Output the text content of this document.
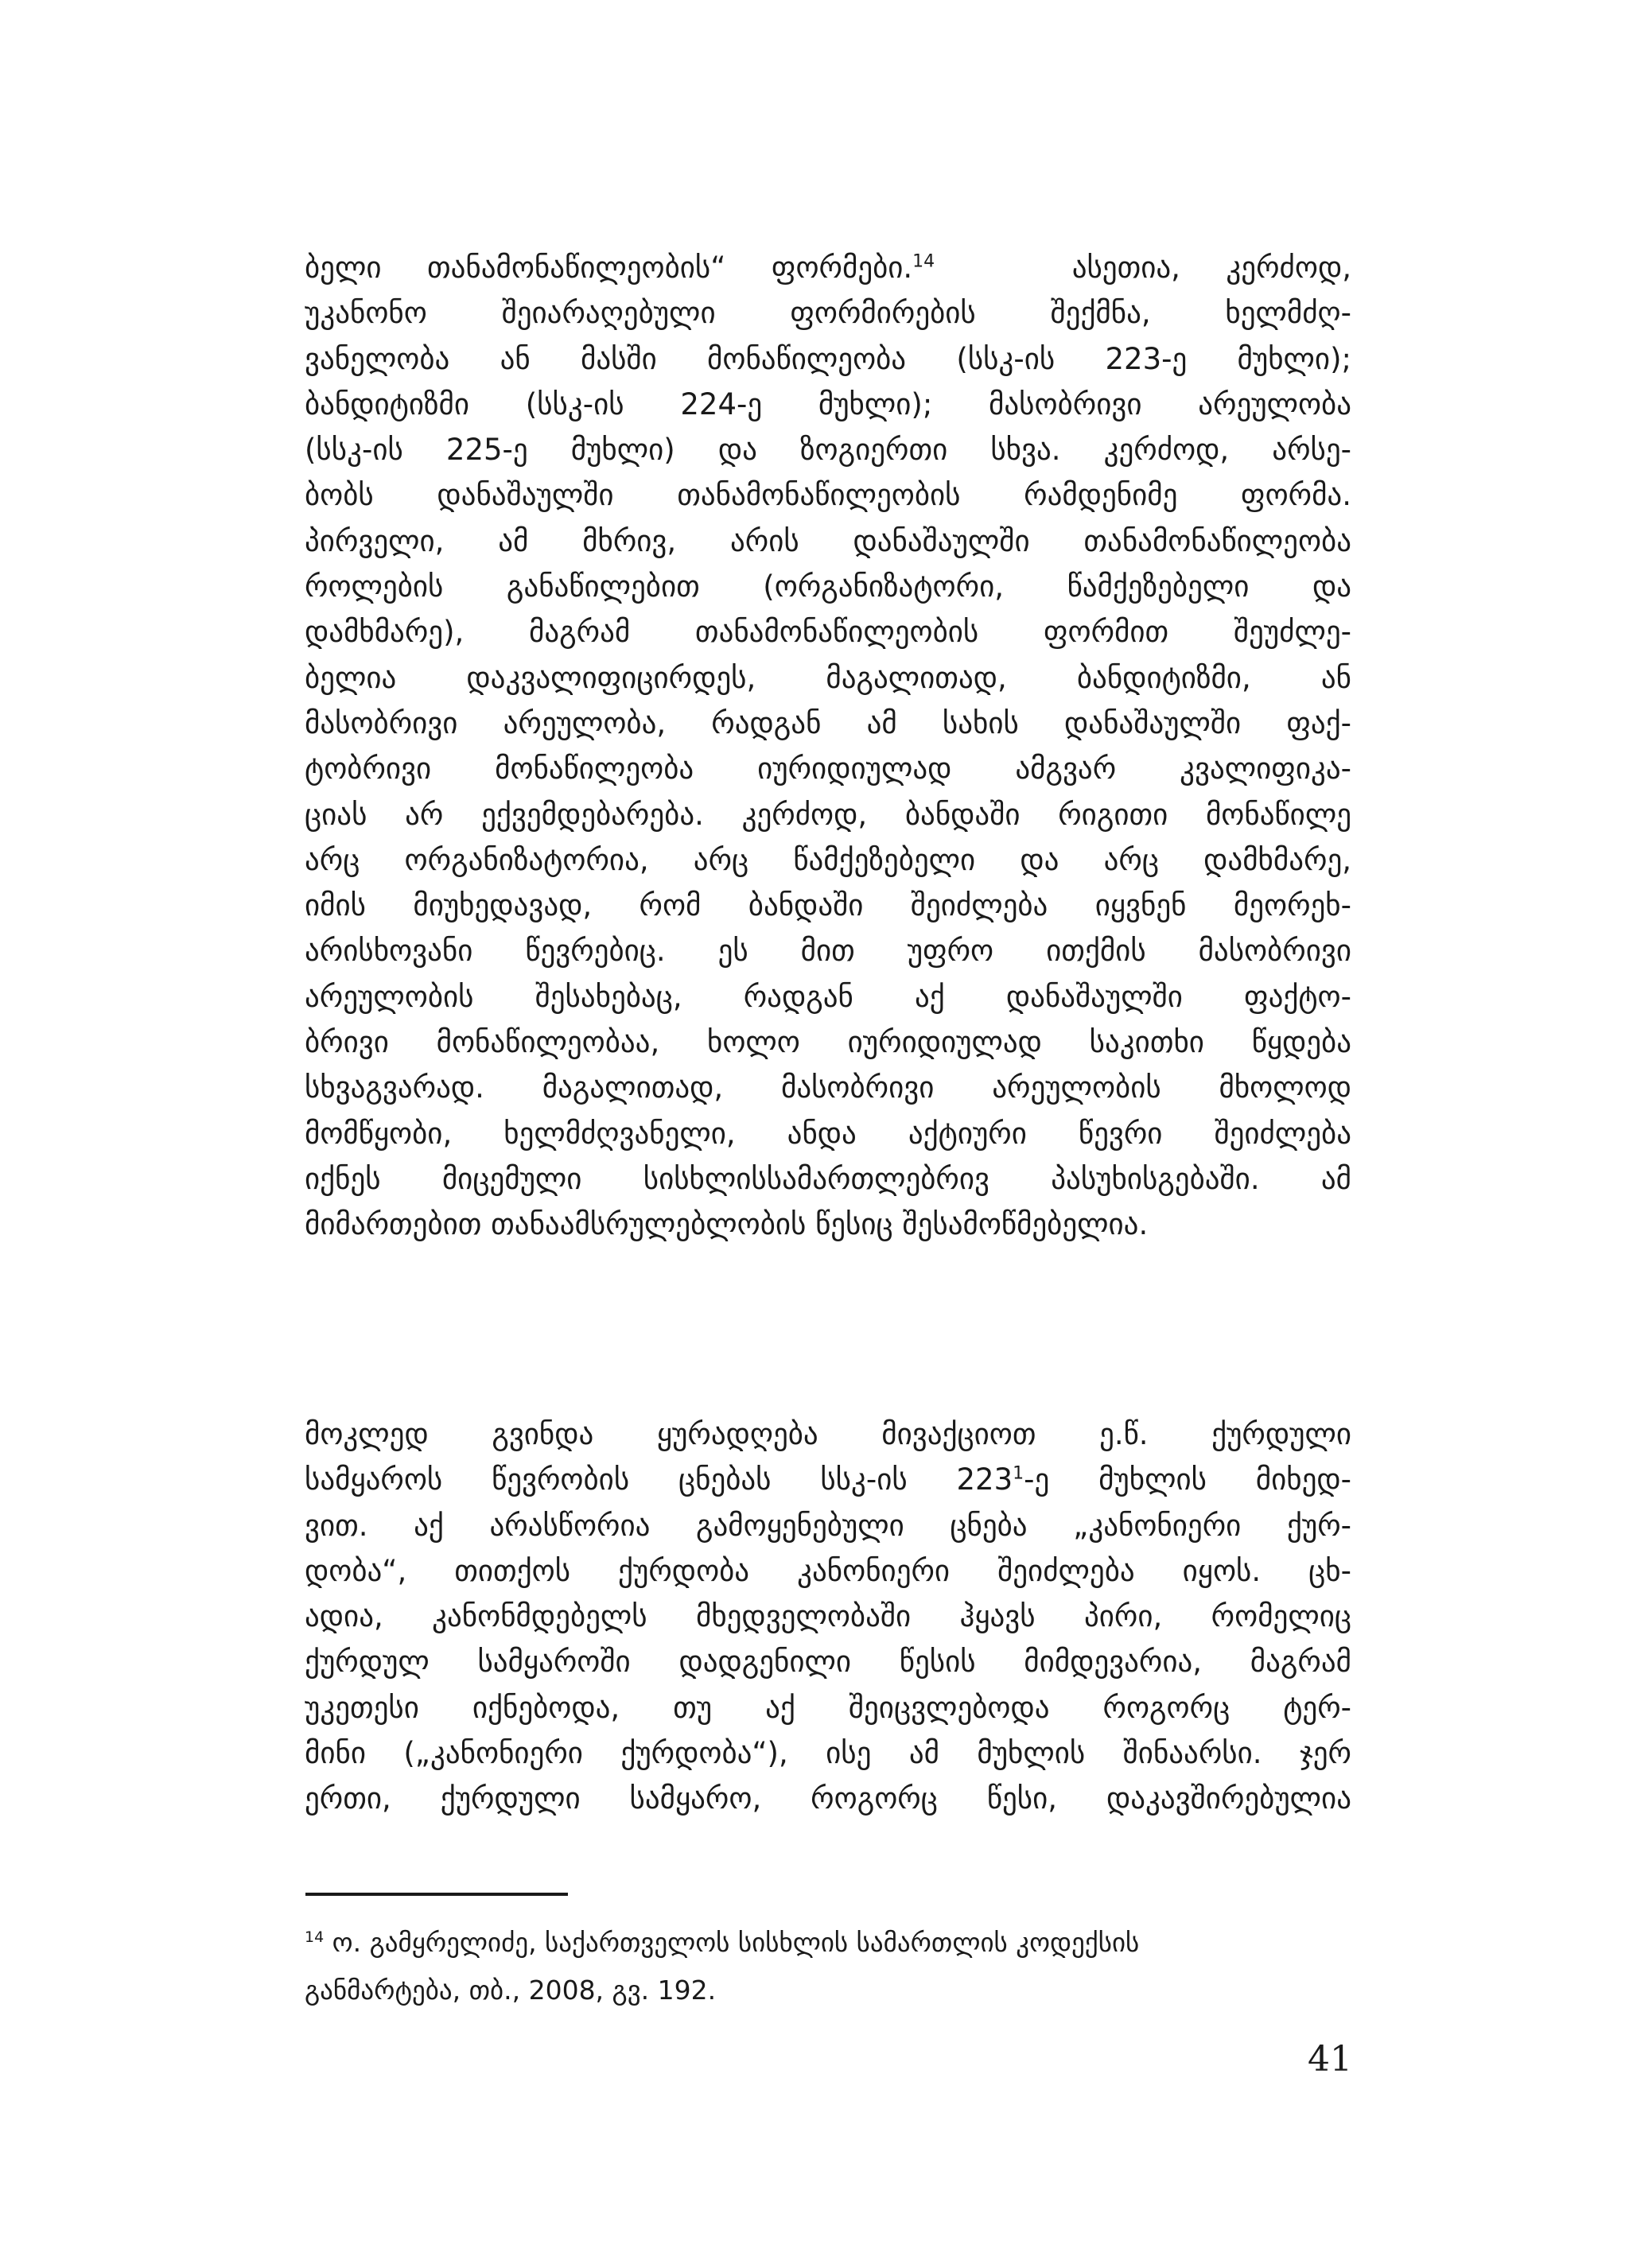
ბელი თანამონაწილეობის“ ფორმები.$^{14}$	ასეთია, კერძოდ,
უკანონო შეიარაღებული ფორმირების შექმნა, ხელმძღ-
ვანელობა ან მასში მონაწილეობა (სსკ-ის 223-ე მუხლი);
ბანდიტიზმი (სსკ-ის 224-ე მუხლი); მასობრივი არეულობა
(სსკ-ის 225-ე მუხლი) და ზოგიერთი სხვა. კერძოდ, არსე-
ბობს დანაშაულში თანამონაწილეობის რამდენიმე ფორმა.
პირველი, ამ მხრივ, არის დანაშაულში თანამონაწილეობა
როლების განაწილებით (ორგანიზატორი, წამქეზებელი და
დამხმარე), მაგრამ თანამონაწილეობის ფორმით შეუძლე-
ბელია დაკვალიფიცირდეს, მაგალითად, ბანდიტიზმი, ან
მასობრივი არეულობა, რადგან ამ სახის დანაშაულში ფაქ-
ტობრივი მონაწილეობა იურიდიულად ამგვარ კვალიფიკა-
ციას არ ექვემდებარება. კერძოდ, ბანდაში რიგითი მონაწილე
არც ორგანიზატორია, არც წამქეზებელი და არც დამხმარე,
იმის მიუხედავად, რომ ბანდაში შეიძლება იყვნენ მეორეხ-
არისხოვანი წევრებიც. ეს მით უფრო ითქმის მასობრივი
არეულობის შესახებაც, რადგან აქ დანაშაულში ფაქტო-
ბრივი მონაწილეობაა, ხოლო იურიდიულად საკითხი წყდება
სხვაგვარად. მაგალითად, მასობრივი არეულობის მხოლოდ
მომწყობი, ხელმძღვანელი, ანდა აქტიური წევრი შეიძლება
იქნეს მიცემული სისხლისსამართლებრივ პასუხისგებაში. ამ
მიმართებით თანაამსრულებლობის წესიც შესამოწმებელია.
მოკლედ გვინდა ყურადღება მივაქციოთ ე.წ. ქურდული
სამყაროს წევრობის ცნებას სსკ-ის $223^1-ე$ მუხლის მიხედ-
ვით. აქ არასწორია გამოყენებული ცნება „კანონიერი ქურ-
დობა“, თითქოს ქურდობა კანონიერი შეიძლება იყოს. ცხ-
ადია, კანონმდებელს მხედველობაში ჰყავს პირი, რომელიც
ქურდულ სამყაროში დადგენილი წესის მიმდევარია, მაგრამ
უკეთესი იქნებოდა, თუ აქ შეიცვლებოდა როგორც ტერ-
მინი („კანონიერი ქურდობა“), ისე ამ მუხლის შინაარსი. ჯერ
ერთი, ქურდული სამყარო, როგორც წესი, დაკავშირებულია
$^{14}$ ო. გამყრელიძე, საქართველოს სისხლის სამართლის კოდექსის
განმარტება, თბ., 2008, გვ. 192.
41
